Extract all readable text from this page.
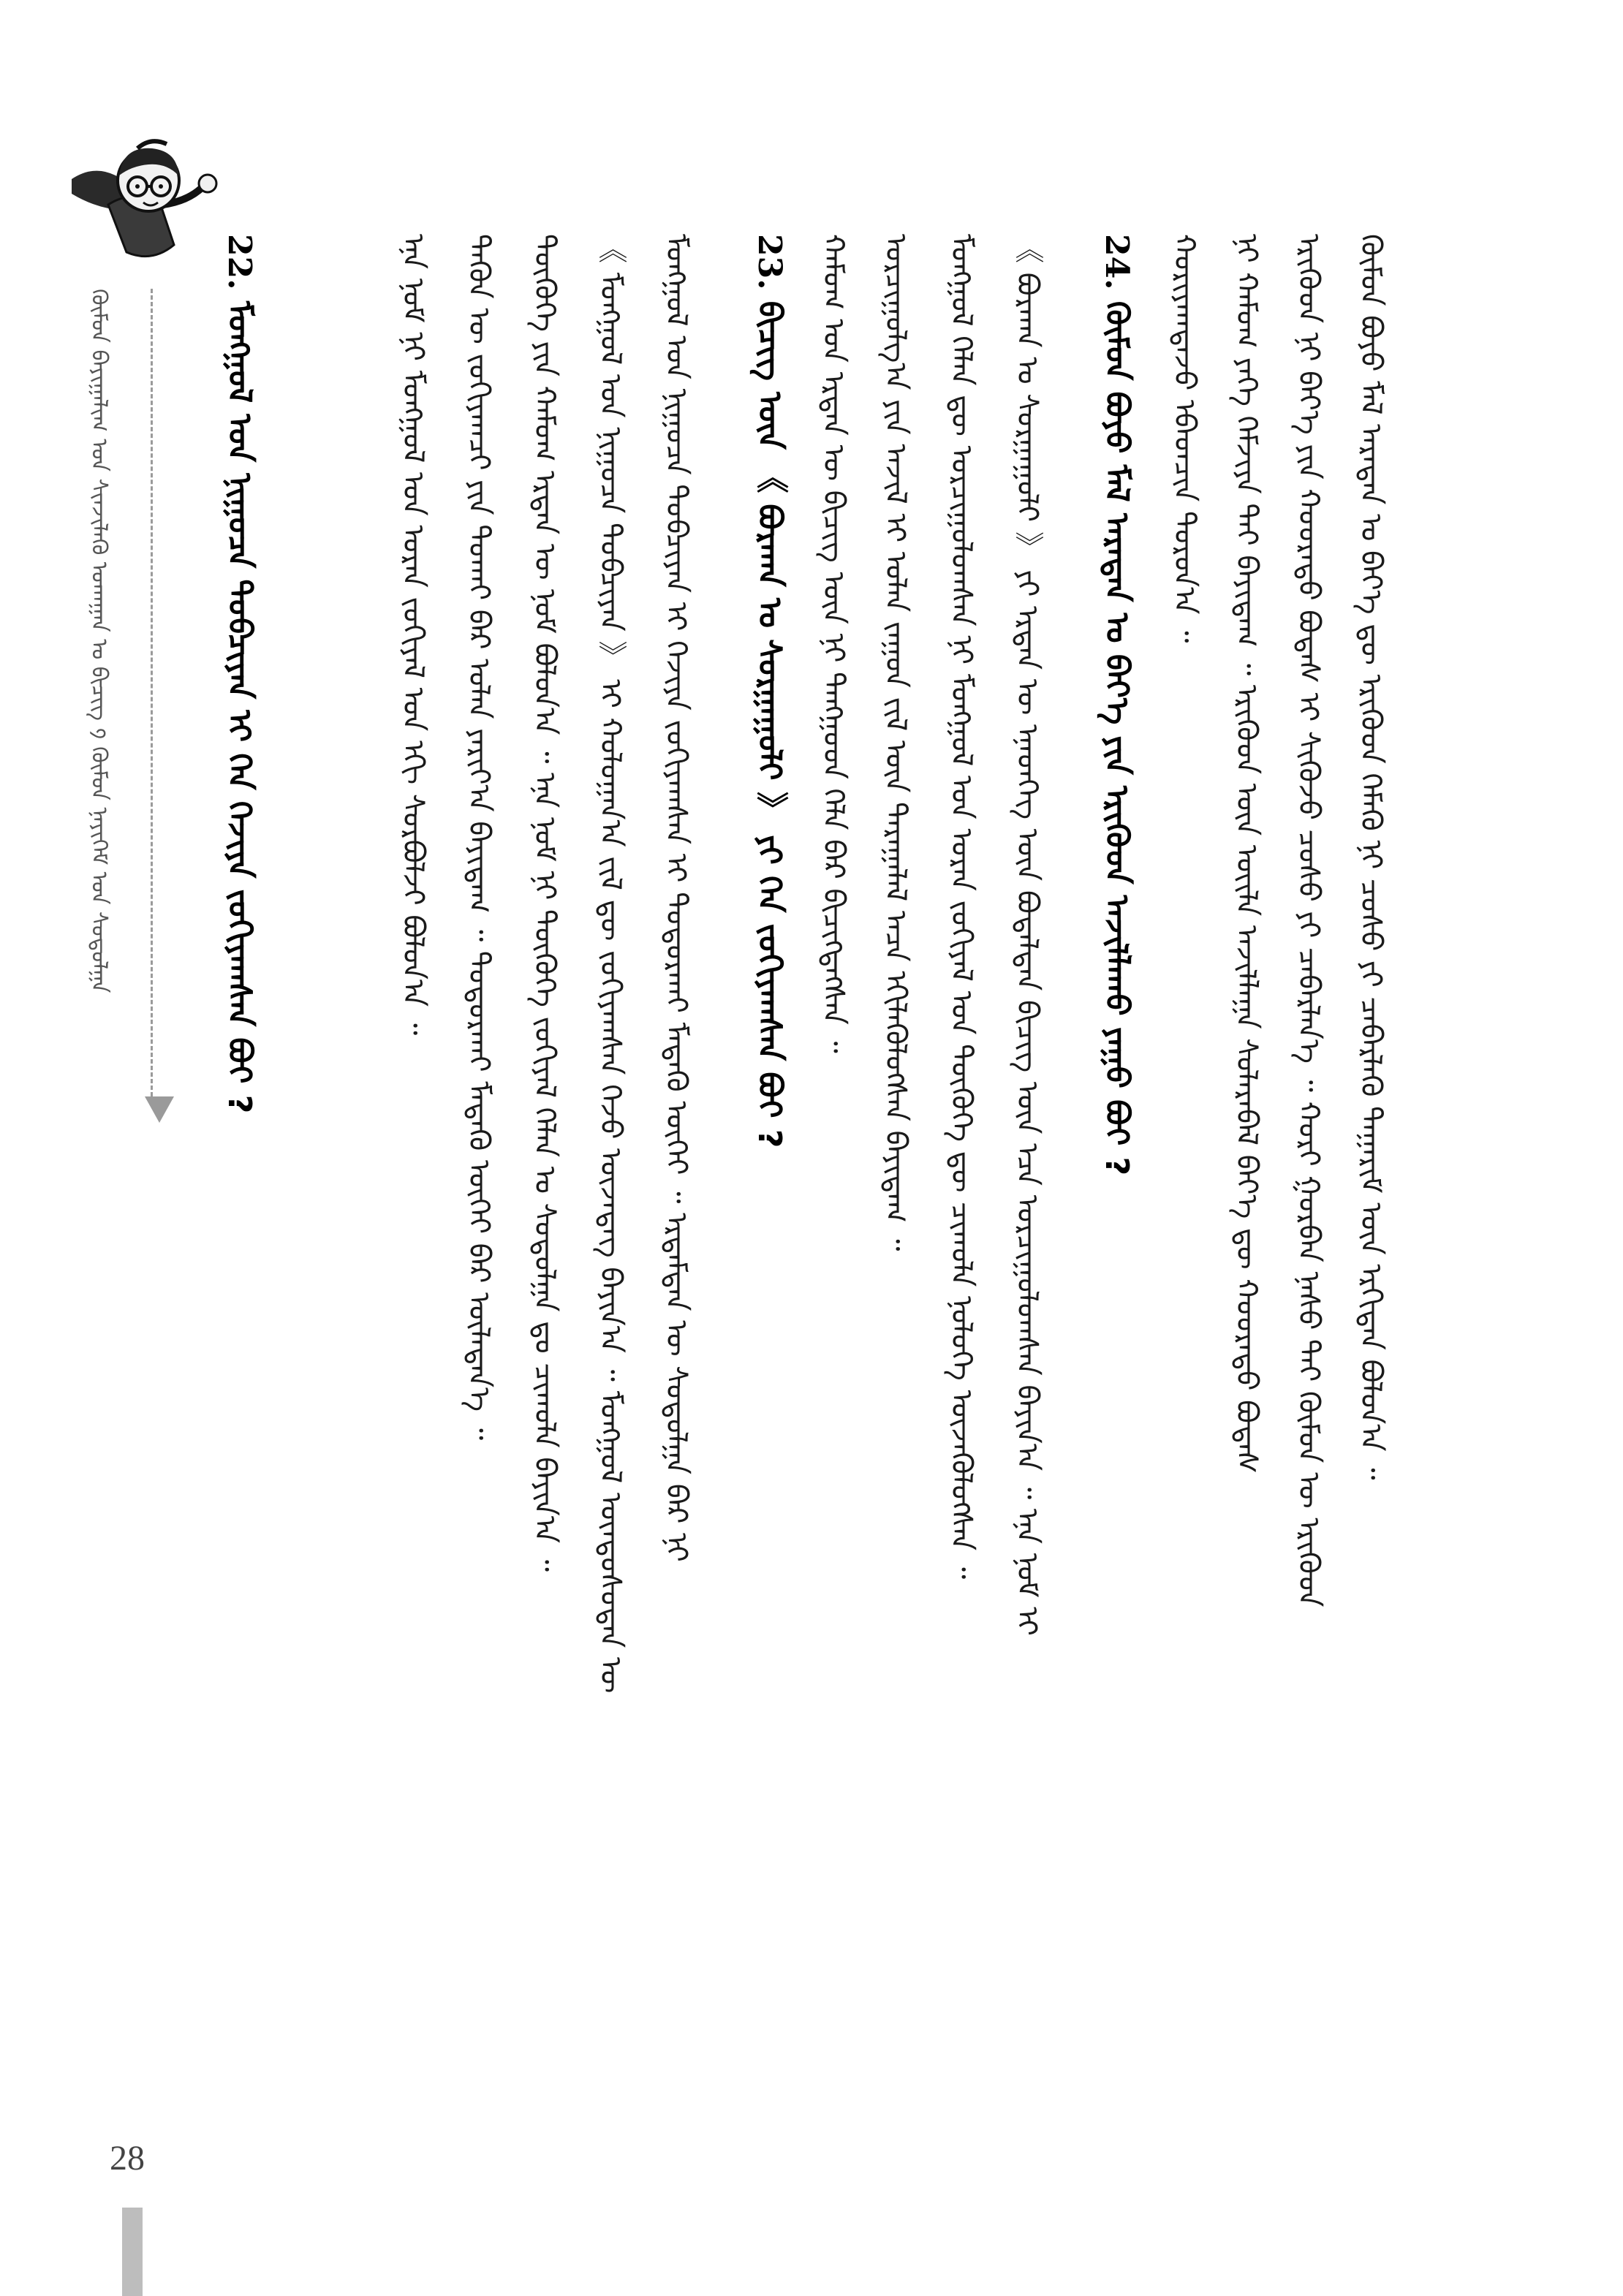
24. ᠬᠦᠮᠦᠨ ᠪᠤᠶᠤ ᠮᠠᠯ ᠠᠷᠠᠲᠠᠨ ᠤ ᠪᠡᠶ᠎ᠡ ᠶᠢᠨ ᠡᠷᠢᠬᠦᠳ ᠠᠵᠢᠯᠯᠠᠬᠤ ᠶᠠᠭᠤ ᠪᠤᠢ ?	ᠬᠦᠮᠦᠨ ᠪᠤᠶᠤ ᠮᠠᠯ ᠠᠷᠠᠲᠠᠨ ᠤ ᠪᠡᠶ᠎ᠡ ᠳᠦ ᠡᠷᠢᠬᠦᠳ ᠬᠡᠮᠡᠬᠦ ᠨᠢ ᠴᠤᠰᠤ ᠶᠢ ᠴᠡᠪᠡᠷᠯᠡᠬᠦ ᠳᠠᠭᠠᠷᠢᠮ ᠦᠨ ᠡᠷᠬᠢᠲᠡᠨ ᠪᠤᠯᠤᠨ᠎ᠠ ᠃
ᠡᠷᠢᠬᠦᠳ ᠨᠢ ᠪᠡᠶ᠎ᠡ ᠶᠢᠨ ᠬᠣᠣᠷᠠᠲᠤ ᠪᠤᠳᠠᠰ ᠢ ᠰᠢᠭᠦᠵᠦ ᠴᠤᠰᠤ ᠶᠢ ᠴᠡᠪᠡᠷᠯᠡᠨ᠎ᠡ ᠃ ᠬᠣᠷᠢ ᠭᠣᠷᠪᠠᠨ ᠨᠠᠰᠤ ᠲᠠᠢ ᠬᠦᠮᠦᠨ ᠦ ᠡᠷᠢᠬᠦᠳ
ᠨᠢ ᠬᠠᠮᠤᠭ ᠶᠡᠬᠡ ᠬᠡᠮᠵᠢᠶᠡ ᠲᠠᠢ ᠪᠠᠶᠢᠳᠠᠭ ᠃ ᠡᠷᠢᠬᠦᠳ ᠦᠨ ᠦᠢᠯᠡ ᠠᠵᠢᠯᠯᠠᠭᠠ ᠰᠤᠯᠠᠷᠠᠪᠠᠯ ᠪᠡᠶ᠎ᠡ ᠳᠦ ᠬᠣᠣᠷᠠᠲᠤ ᠪᠤᠳᠠᠰ
ᠬᠤᠷᠢᠶᠠᠭᠳᠠᠵᠤ ᠡᠪᠡᠳᠴᠢᠨ ᠲᠤᠷᠤᠨ᠎ᠠ ᠃
23. ᠪᠢᠴᠢᠭ᠌ ᠦᠨ 《 ᠪᠤᠷᠬᠠᠨ ᠤ ᠰᠤᠷᠭᠠᠭᠤᠯᠢ 》 ᠶᠢ ᠬᠡᠨ ᠵᠤᠬᠢᠶᠠᠭᠰᠠᠨ ᠪᠤᠢ ?	《 ᠪᠤᠷᠬᠠᠨ ᠤ ᠰᠤᠷᠭᠠᠭᠤᠯᠢ 》 ᠶᠢ ᠡᠷᠲᠡᠨ ᠦ ᠡᠨᠡᠳᠬᠡᠭ ᠦᠨ ᠪᠣᠳᠠᠯᠲᠠᠨ ᠪᠢᠴᠢᠭ᠌ ᠦᠨ ᠡᠴᠡ ᠣᠷᠴᠢᠭᠤᠯᠤᠭᠰᠠᠨ ᠪᠠᠶᠢᠨ᠎ᠠ ᠃ ᠡᠨᠡ ᠨᠣᠮ ᠢ
ᠮᠣᠩᠭᠣᠯ ᠬᠡᠯᠡᠨ ᠳᠦ ᠣᠷᠴᠢᠭᠤᠯᠤᠭᠰᠠᠨ ᠨᠢ ᠮᠣᠩᠭᠣᠯ ᠤᠨ ᠤᠷᠠᠨ ᠵᠣᠬᠢᠶᠠᠯ ᠤᠨ ᠲᠦᠭᠦᠬᠡ ᠳᠦ ᠴᠢᠬᠤᠯᠠ ᠨᠣᠯᠣᠭᠡ ᠦᠵᠡᠭᠦᠯᠦᠭᠰᠡᠨ ᠃
ᠣᠷᠴᠢᠭᠤᠯᠭ᠎ᠠ ᠶᠢᠨ ᠠᠵᠢᠯ ᠢ ᠣᠯᠠᠨ ᠵᠠᠭᠤᠨ ᠵᠢᠯ ᠦᠨ ᠳᠠᠷᠠᠭᠠᠯᠠᠯ ᠠᠴᠠ ᠡᠬᠢᠯᠡᠭᠦᠯᠦᠭᠰᠡᠨ ᠪᠠᠶᠢᠳᠠᠭ ᠃
ᠬᠠᠮᠤᠭ ᠤᠨ ᠡᠷᠲᠡᠨ ᠦ ᠪᠢᠴᠢᠭ᠌ ᠦᠨ ᠨᠢ ᠲᠠᠩᠭᠤᠳ ᠬᠡᠯᠡ ᠪᠡᠷ ᠪᠢᠴᠢᠭᠳᠡᠭᠰᠡᠨ ᠃
22. ᠮᠣᠩᠭᠣᠯ ᠤᠨ ᠨᠢᠭᠤᠴᠠ ᠲᠣᠪᠴᠢᠶᠠᠨ ᠢ ᠬᠡᠨ ᠬᠡᠵᠢᠶᠡ ᠵᠤᠬᠢᠶᠠᠭᠰᠠᠨ ᠪᠤᠢ ?	ᠮᠣᠩᠭᠣᠯ ᠤᠨ ᠨᠢᠭᠤᠴᠠ ᠲᠣᠪᠴᠢᠶᠠᠨ ᠢ ᠬᠡᠵᠢᠶᠡ ᠵᠤᠬᠢᠶᠠᠭᠰᠠᠨ ᠢ ᠲᠣᠳᠤᠷᠬᠠᠶ ᠮᠡᠳᠡᠬᠦ ᠦᠭᠡᠢ ᠃ ᠡᠷᠳᠡᠮᠲᠡᠨ ᠦ ᠰᠤᠳᠤᠯᠭᠠ ᠪᠠᠷ ᠨᠢ
《 ᠮᠣᠩᠭᠣᠯ ᠤᠨ ᠨᠢᠭᠤᠴᠠ ᠲᠣᠪᠴᠢᠶᠠᠨ 》 ᠢ ᠬᠣᠯᠤᠭᠠᠨ᠎ᠠ ᠵᠢᠯ ᠳᠦ ᠵᠤᠬᠢᠶᠠᠭᠰᠠᠨ ᠭᠡᠵᠦ ᠦᠵᠡᠳᠡᠭ ᠪᠠᠶᠢᠨ᠎ᠠ ᠃ ᠮᠣᠩᠭᠣᠯ ᠦᠨᠳᠦᠰᠦᠲᠡᠨ ᠦ
ᠲᠦᠭᠦᠬᠡ ᠶᠢᠨ ᠬᠠᠮᠤᠭ ᠡᠷᠲᠡᠨ ᠦ ᠨᠣᠮ ᠪᠣᠯᠤᠨ᠎ᠠ ᠃ ᠡᠨᠡ ᠨᠣᠮ ᠨᠢ ᠲᠦᠭᠦᠬᠡ ᠵᠣᠬᠢᠶᠠᠯ ᠬᠡᠯᠡᠨ ᠤ ᠰᠤᠳᠤᠯᠭᠠ ᠳᠤ ᠴᠢᠬᠤᠯᠠ ᠪᠠᠶᠢᠨ᠎ᠠ ᠃
ᠲᠡᠭᠦᠨ ᠦ ᠵᠣᠬᠢᠶᠠᠭᠴᠢ ᠶᠢᠨ ᠲᠤᠬᠠᠢ ᠪᠠᠷ ᠣᠯᠠᠨ ᠶᠠᠷᠢᠶ᠎ᠠ ᠪᠠᠶᠢᠳᠠᠭ ᠃ ᠲᠣᠳᠤᠷᠬᠠᠶ ᠮᠡᠳᠡᠬᠦ ᠦᠭᠡᠢ ᠪᠡᠷ ᠦᠯᠡᠳᠡᠨ᠎ᠡ ᠃
ᠡᠨᠡ ᠨᠣᠮ ᠨᠢ ᠮᠣᠩᠭᠣᠯ ᠤᠨ ᠤᠷᠠᠨ ᠵᠣᠬᠢᠶᠠᠯ ᠤᠨ ᠡᠬᠢ ᠰᠤᠷᠪᠤᠯᠵᠢ ᠪᠣᠯᠤᠨ᠎ᠠ ᠃
ᠬᠥᠮᠦᠨ ᠪᠠᠶᠢᠭᠠᠯᠢᠭ ᠤᠨ ᠰᠢᠨᠵᠢᠯᠡᠬᠦ ᠤᠬᠠᠭᠠᠨ ᠤ ᠪᠢᠴᠢᠭ᠌ ᠀ ᠬᠦᠮᠦᠨ ᠨᠡᠶᠢᠭᠡᠮ ᠤᠨ ᠰᠤᠳᠤᠯᠭᠠ
28
